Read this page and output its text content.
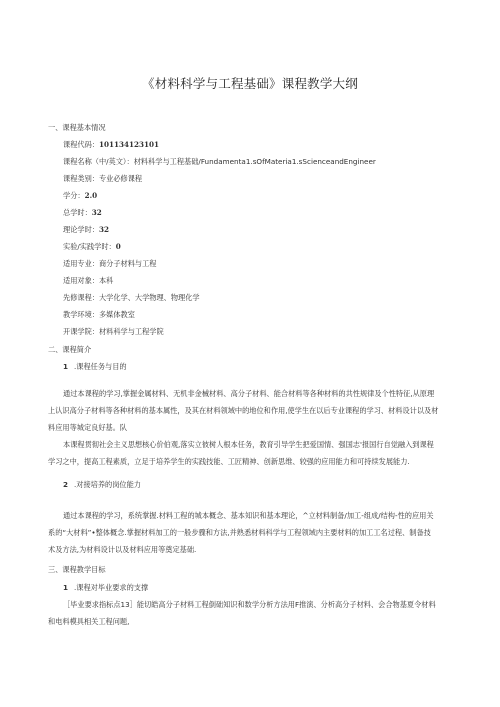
《材料科学与工程基础》课程教学大纲
一、课程基本情况
课程代码：101134123101
课程名称（中/英文）：材料科学与工程基础/Fundamenta1.sOfMateria1.sScienceandEngineer
课程类别：专业必修课程
学分：2.0
总学时：32
理论学时：32
实验/实践学时：0
适用专业：商分子材料与工程
适用对象：本科
先修课程：大学化学、大学物理、物理化学
教学环境：多媒体教室
开课学院：材料科学与工程学院
二、课程简介
1 .课程任务与目的
通过本课程的学习,掌握金属材料、无机非金械材料、高分子材料、能合材料等各种材料的共性规律及个性特征,从原理
上认识高分子材料等各种材料的基本属性，及其在材料领域中的地位和作用,使学生在以后专业课程的学习、材料设计以及材
料应用等城定良好基。队
本课程贯彻社会主义思想核心价伯观,落实立彼树人根本任务，教育引导学生把爱国情、强国志'报国行自觉融入到课程
学习之中，提高工程素质，立足于培养学生的实践技能、工匠精神、创新思维、较强的应用能力和可持续发展能力.
2 .对接培养的岗位能力
通过本课程的学习，系统掌握.材料工程的城本概念、基本知识和基本理论，^立材料制备/加工-组成/结构-性的应用关
系的“大材料”•整体概念.掌握材料加工的一般步骤和方法,并熟悉材料科学与工程领域内主要材料的加工工名过程、制备技
术及方法,为材料设计以及材料应用等奠定基础.
三、课程教学目标
1 .课程对毕业要求的支撑
［毕业要求指标点13］能切皓高分子材料工程倒础知识和数学分析方法用F推演、分析高分子材料、会合物基夏令材料
和电料模具相关工程问题,
